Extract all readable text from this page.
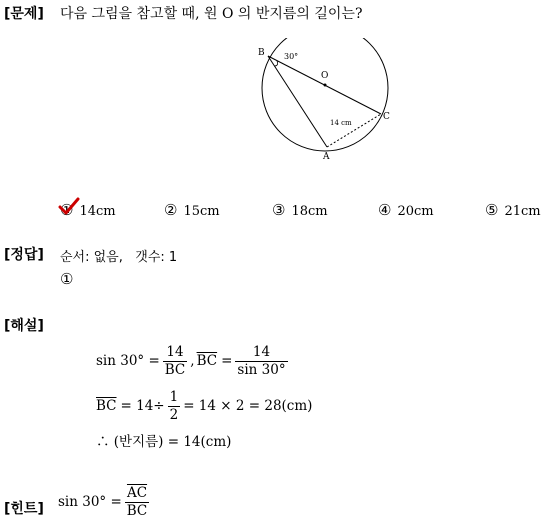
[문제] 다음 그림을 참고할 때, 원 O 의 반지름의 길이는?
B
O
C
A
30°
14 cm
① 14cm	② 15cm	③ 18cm	④ 20cm	⑤ 21cm
[정답] 순서: 없음,   갯수: 1
①
[해설]
$\sin 30^\circ = \frac{14}{BC}$ , $\overline{BC} = \frac{14}{\sin 30^\circ}$
$\overline{BC} = 14\div \frac{1}{2} = 14 \times 2 = 28(cm)$
∴ (반지름) = 14(cm)
[힌트] $\sin 30^\circ = \frac{\overline{AC}}{BC}$
